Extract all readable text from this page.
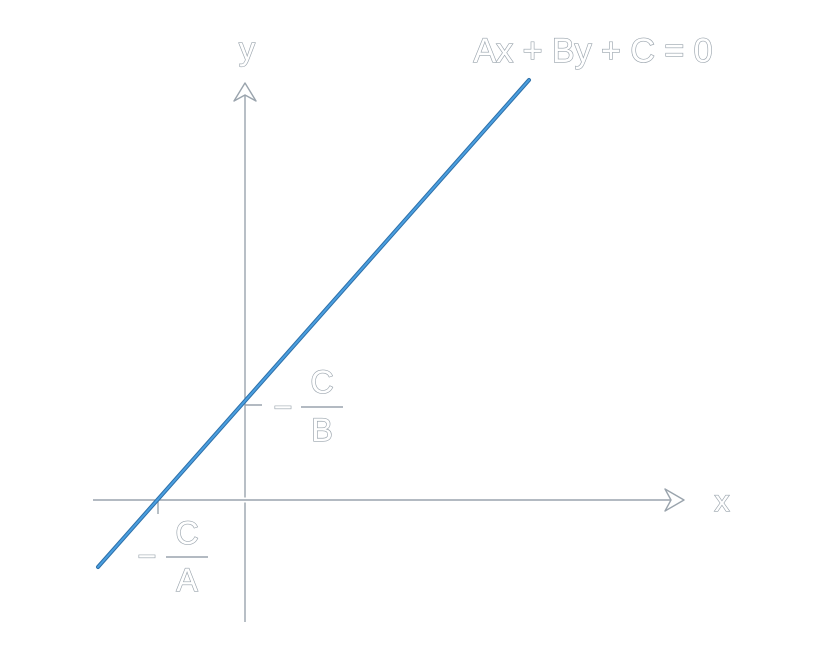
y
x
Ax + By + C = 0
−
C
B
−
C
A
